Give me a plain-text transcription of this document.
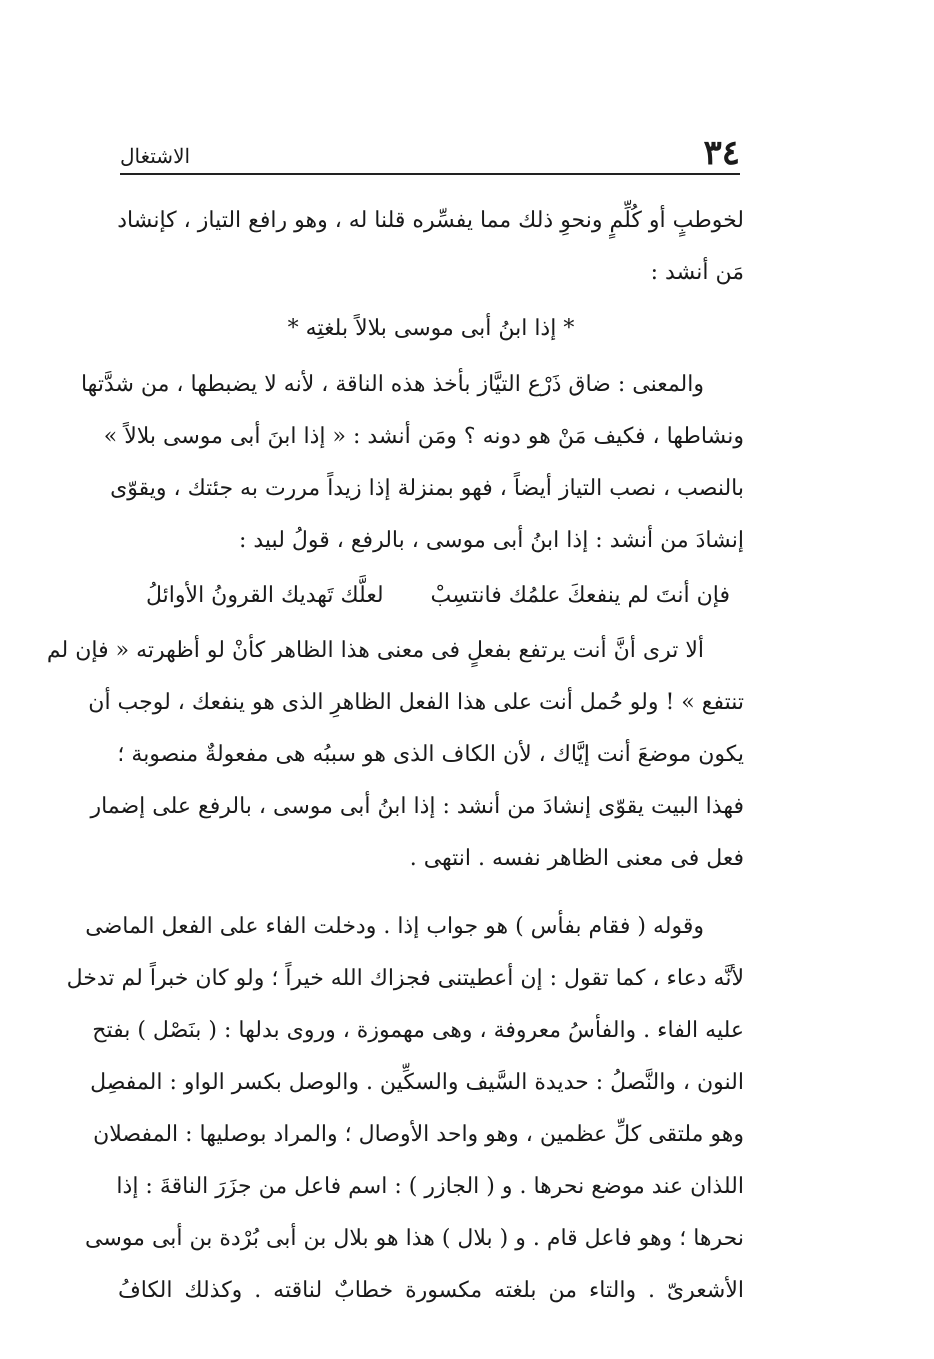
الاشتغال	٣٤
لخوطبٍ أو كُلِّمٍ ونحوِ ذلك مما يفسِّره قلنا له ، وهو رافع التياز ، كإنشاد
مَن أنشد :
* إذا ابنُ أبى موسى بلالاً بلغتِه *
والمعنى : ضاق ذَرْع التيَّاز بأخذ هذه الناقة ، لأنه لا يضبطها ، من شدَّتها
ونشاطها ، فكيف مَنْ هو دونه ؟ ومَن أنشد : « إذا ابنَ أبى موسى بلالاً »
بالنصب ، نصب التياز أيضاً ، فهو بمنزلة إذا زيداً مررت به جئتك ، ويقوّى
إنشادَ من أنشد : إذا ابنُ أبى موسى ، بالرفع ، قولُ لبيد :
فإن أنتَ لم ينفعكَ علمُك فانتسِبْ
لعلَّك تَهديك القرونُ الأوائلُ
ألا ترى أنَّ أنت يرتفع بفعلٍ فى معنى هذا الظاهر كأنْ لو أظهرته « فإن لم
تنتفع » ! ولو حُمل أنت على هذا الفعل الظاهرِ الذى هو ينفعك ، لوجب أن
يكون موضعَ أنت إيَّاك ، لأن الكاف الذى هو سببُه هى مفعولةٌ منصوبة ؛
فهذا البيت يقوّى إنشادَ من أنشد : إذا ابنُ أبى موسى ، بالرفع على إضمار
فعل فى معنى الظاهر نفسه . انتهى .
وقوله ( فقام بفأس ) هو جواب إذا . ودخلت الفاء على الفعل الماضى
لأنَّه دعاء ، كما تقول : إن أعطيتنى فجزاك الله خيراً ؛ ولو كان خبراً لم تدخل
عليه الفاء . والفأسُ معروفة ، وهى مهموزة ، وروى بدلها : ( بنَصْل ) بفتح
النون ، والنَّصلُ : حديدة السَّيف والسكِّين . والوصل بكسر الواو : المفصِل
وهو ملتقى كلِّ عظمين ، وهو واحد الأوصال ؛ والمراد بوصليها : المفصلان
اللذان عند موضع نحرها . و ( الجازر ) : اسم فاعل من جزَرَ الناقةَ : إذا
نحرها ؛ وهو فاعل قام . و ( بلال ) هذا هو بلال بن أبى بُرْدة بن أبى موسى
الأشعرىّ . والتاء من بلغته مكسورة خطابٌ لناقته . وكذلك الكافُ
